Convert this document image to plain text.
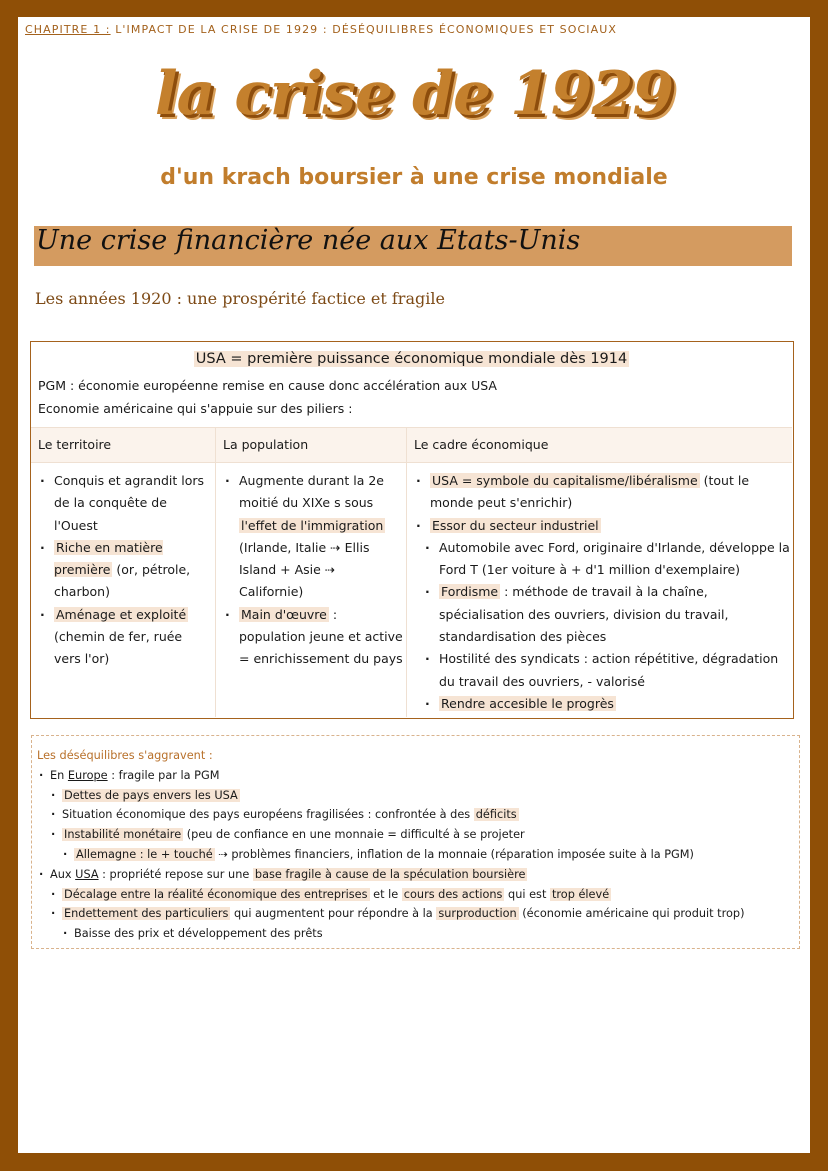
CHAPITRE 1 : L'IMPACT DE LA CRISE DE 1929 : DÉSÉQUILIBRES ÉCONOMIQUES ET SOCIAUX
la crise de 1929
d'un krach boursier à une crise mondiale
Une crise financière née aux Etats-Unis
Les années 1920 : une prospérité factice et fragile
USA = première puissance économique mondiale dès 1914
PGM : économie européenne remise en cause donc accélération aux USA
Economie américaine qui s'appuie sur des piliers :
Le territoire	La population	Le cadre économique
· Conquis et agrandit lors de la conquête de l'Ouest
· Riche en matière première (or, pétrole, charbon)
· Aménage et exploité (chemin de fer, ruée vers l'or)
· Augmente durant la 2e moitié du XIXe s sous l'effet de l'immigration (Irlande, Italie ⇢ Ellis Island + Asie ⇢ Californie)
· Main d'œuvre : population jeune et active = enrichissement du pays
· USA = symbole du capitalisme/libéralisme (tout le monde peut s'enrichir)
· Essor du secteur industriel
· Automobile avec Ford, originaire d'Irlande, développe la Ford T (1er voiture à + d'1 million d'exemplaire)
· Fordisme : méthode de travail à la chaîne, spécialisation des ouvriers, division du travail, standardisation des pièces
· Hostilité des syndicats : action répétitive, dégradation du travail des ouvriers, - valorisé
· Rendre accesible le progrès
Les déséquilibres s'aggravent :
· En Europe : fragile par la PGM
· Dettes de pays envers les USA
· Situation économique des pays européens fragilisées : confrontée à des déficits
· Instabilité monétaire (peu de confiance en une monnaie = difficulté à se projeter
· Allemagne : le + touché ⇢ problèmes financiers, inflation de la monnaie (réparation imposée suite à la PGM)
· Aux USA : propriété repose sur une base fragile à cause de la spéculation boursière
· Décalage entre la réalité économique des entreprises et le cours des actions qui est trop élevé
· Endettement des particuliers qui augmentent pour répondre à la surproduction (économie américaine qui produit trop)
· Baisse des prix et développement des prêts
